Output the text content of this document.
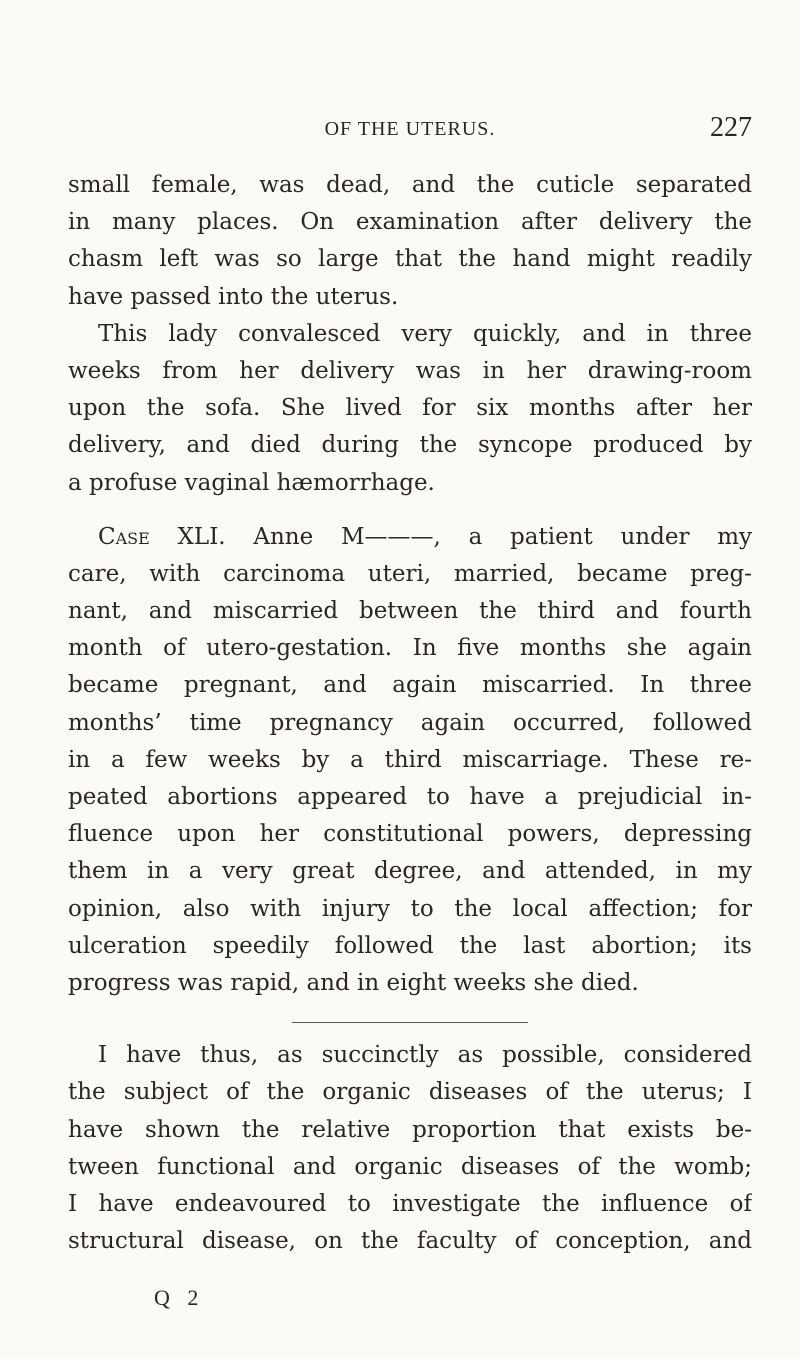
OF THE UTERUS.	227
small female, was dead, and the cuticle separated
in many places. On examination after delivery the
chasm left was so large that the hand might readily
have passed into the uterus.
This lady convalesced very quickly, and in three
weeks from her delivery was in her drawing-room
upon the sofa. She lived for six months after her
delivery, and died during the syncope produced by
a profuse vaginal hæmorrhage.
Case XLI. Anne M———, a patient under my
care, with carcinoma uteri, married, became preg-
nant, and miscarried between the third and fourth
month of utero-gestation. In five months she again
became pregnant, and again miscarried. In three
months’ time pregnancy again occurred, followed
in a few weeks by a third miscarriage. These re-
peated abortions appeared to have a prejudicial in-
fluence upon her constitutional powers, depressing
them in a very great degree, and attended, in my
opinion, also with injury to the local affection; for
ulceration speedily followed the last abortion; its
progress was rapid, and in eight weeks she died.
I have thus, as succinctly as possible, considered
the subject of the organic diseases of the uterus; I
have shown the relative proportion that exists be-
tween functional and organic diseases of the womb;
I have endeavoured to investigate the influence of
structural disease, on the faculty of conception, and
Q 2
